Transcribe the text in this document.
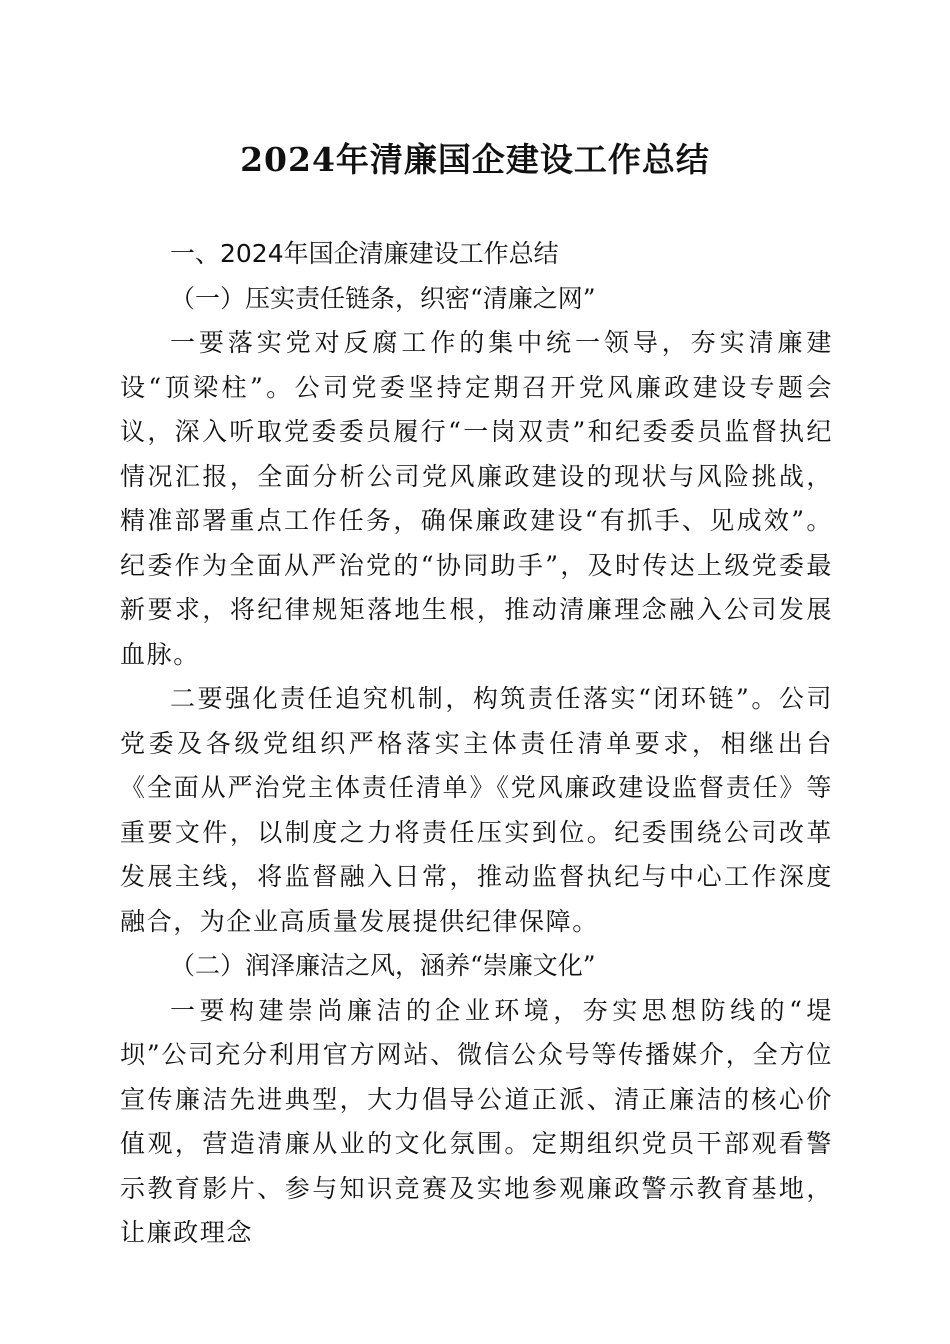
2024年清廉国企建设工作总结
一、2024年国企清廉建设工作总结
（一）压实责任链条，织密“清廉之网”

一要落实党对反腐工作的集中统一领导，夯实清廉建设“顶梁柱”。公司党委坚持定期召开党风廉政建设专题会议，深入听取党委委员履行“一岗双责”和纪委委员监督执纪情况汇报，全面分析公司党风廉政建设的现状与风险挑战，精准部署重点工作任务，确保廉政建设“有抓手、见成效”。纪委作为全面从严治党的“协同助手”，及时传达上级党委最新要求，将纪律规矩落地生根，推动清廉理念融入公司发展血脉。

二要强化责任追究机制，构筑责任落实“闭环链”。公司党委及各级党组织严格落实主体责任清单要求，相继出台《全面从严治党主体责任清单》《党风廉政建设监督责任》等重要文件，以制度之力将责任压实到位。纪委围绕公司改革发展主线，将监督融入日常，推动监督执纪与中心工作深度融合，为企业高质量发展提供纪律保障。

（二）润泽廉洁之风，涵养“崇廉文化”

一要构建崇尚廉洁的企业环境，夯实思想防线的“堤坝”公司充分利用官方网站、微信公众号等传播媒介，全方位宣传廉洁先进典型，大力倡导公道正派、清正廉洁的核心价值观，营造清廉从业的文化氛围。定期组织党员干部观看警示教育影片、参与知识竞赛及实地参观廉政警示教育基地，让廉政理念
